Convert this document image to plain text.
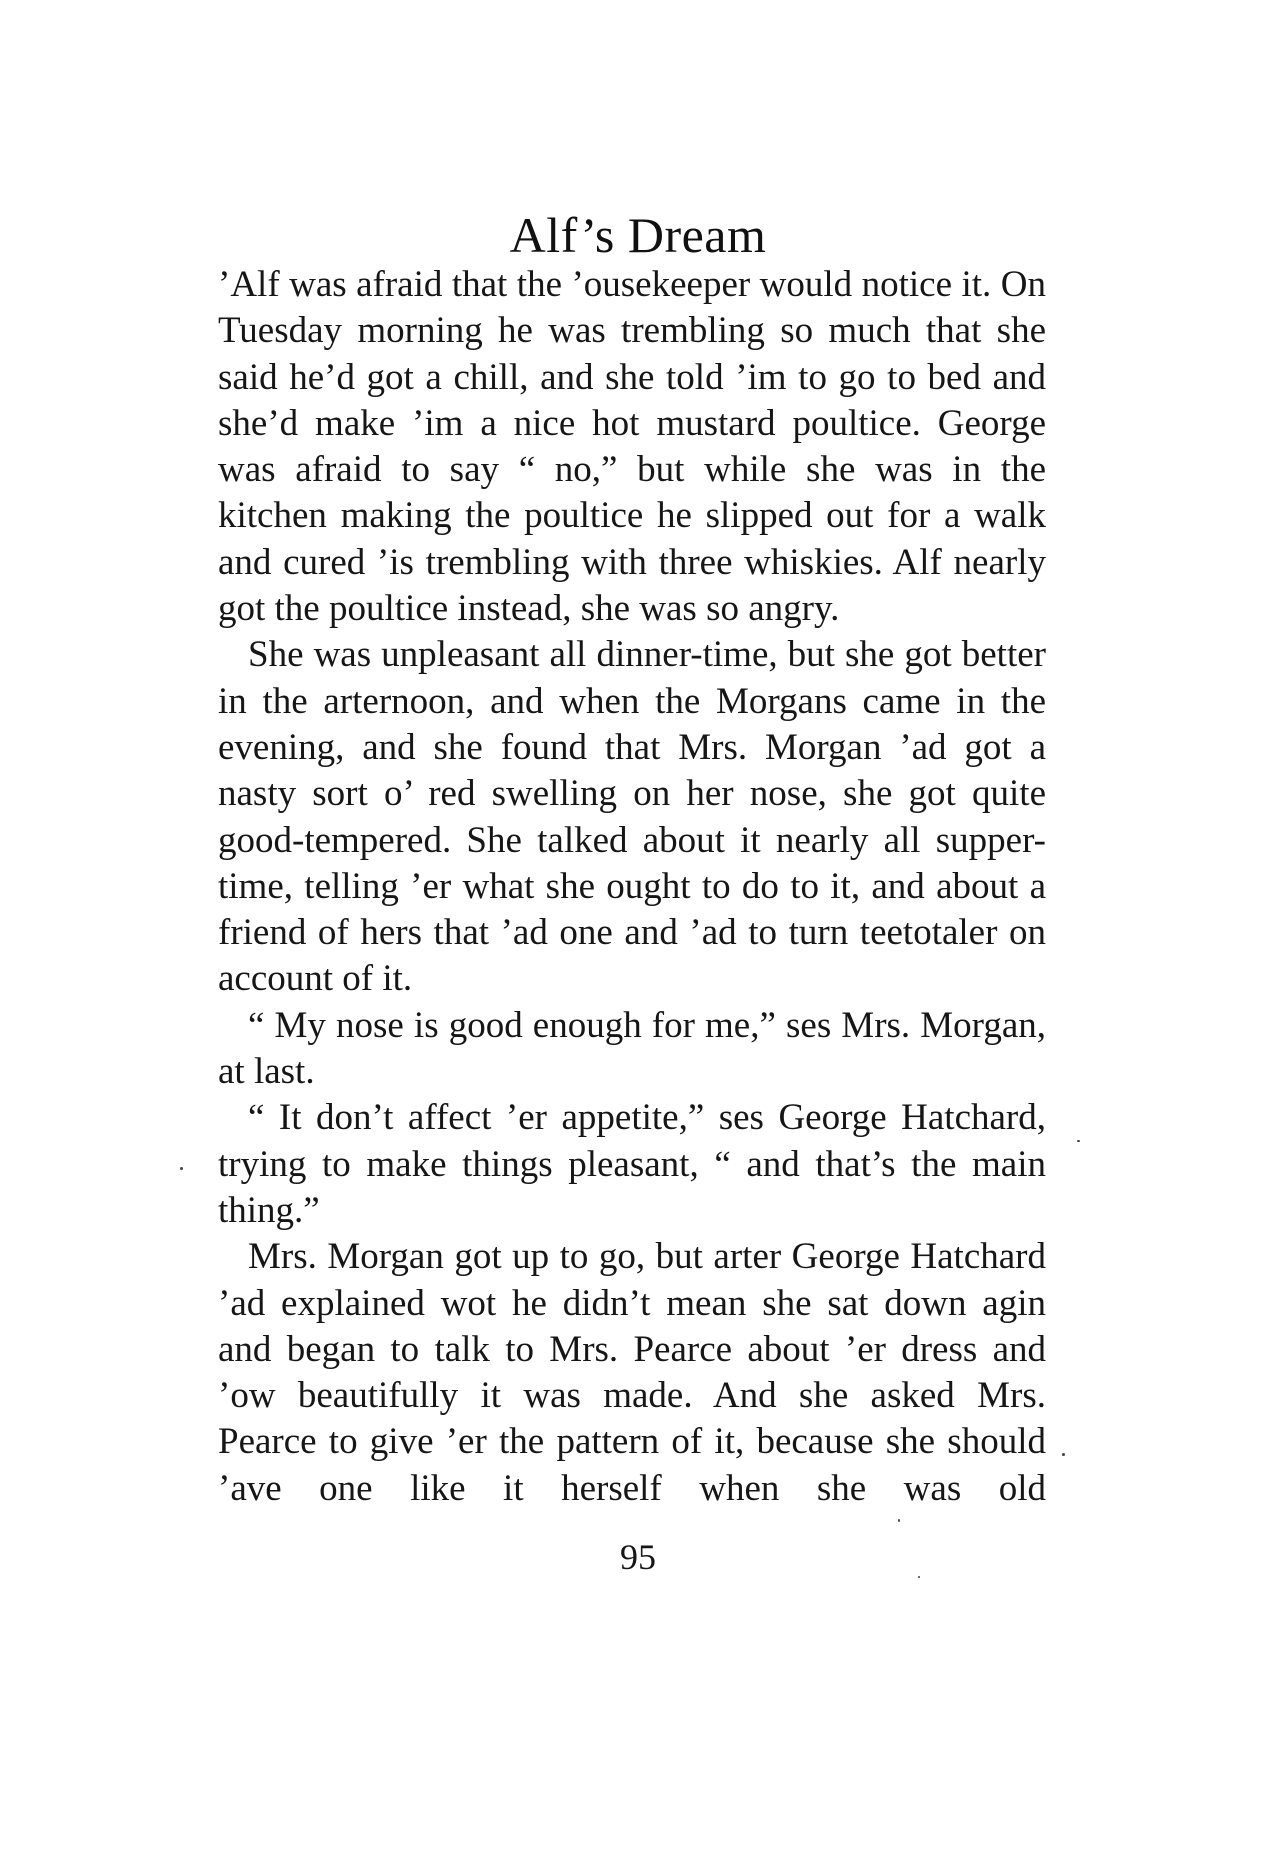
Alf’s Dream

’Alf was afraid that the ’ousekeeper would notice it. On Tuesday morning he was trembling so much that she said he’d got a chill, and she told ’im to go to bed and she’d make ’im a nice hot mustard poultice. George was afraid to say “ no,” but while she was in the kitchen making the poultice he slipped out for a walk and cured ’is trembling with three whiskies. Alf nearly got the poultice instead, she was so angry.

She was unpleasant all dinner-time, but she got better in the arternoon, and when the Morgans came in the evening, and she found that Mrs. Morgan ’ad got a nasty sort o’ red swelling on her nose, she got quite good-tempered. She talked about it nearly all supper-time, telling ’er what she ought to do to it, and about a friend of hers that ’ad one and ’ad to turn teetotaler on account of it.

“ My nose is good enough for me,” ses Mrs. Morgan, at last.

“ It don’t affect ’er appetite,” ses George Hatchard, trying to make things pleasant, “ and that’s the main thing.”

Mrs. Morgan got up to go, but arter George Hatchard ’ad explained wot he didn’t mean she sat down agin and began to talk to Mrs. Pearce about ’er dress and ’ow beautifully it was made. And she asked Mrs. Pearce to give ’er the pattern of it, because she should ’ave one like it herself when she was old

95
